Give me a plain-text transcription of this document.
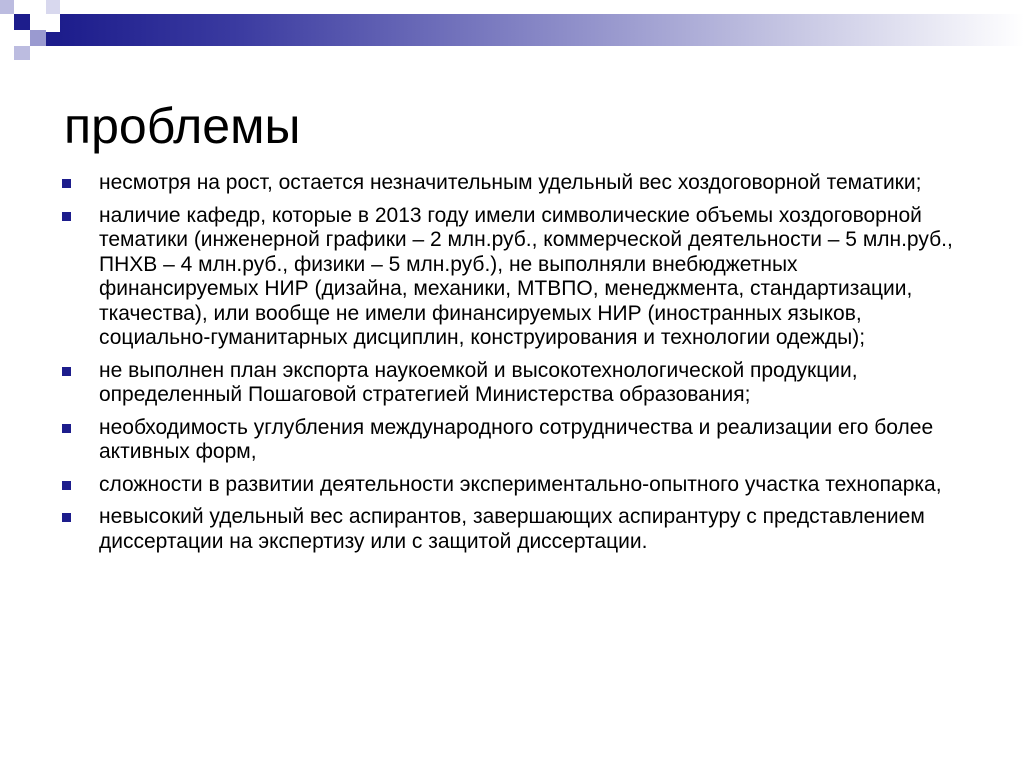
проблемы
несмотря на рост, остается незначительным удельный вес хоздоговорной тематики;
наличие кафедр, которые в 2013 году имели символические объемы хоздоговорной тематики (инженерной графики – 2 млн.руб., коммерческой деятельности – 5 млн.руб., ПНХВ – 4 млн.руб., физики – 5 млн.руб.), не выполняли внебюджетных финансируемых НИР (дизайна, механики, МТВПО, менеджмента, стандартизации, ткачества), или вообще не имели финансируемых НИР (иностранных языков, социально-гуманитарных дисциплин, конструирования и технологии одежды);
не выполнен план экспорта наукоемкой и высокотехнологической продукции, определенный Пошаговой стратегией Министерства образования;
необходимость углубления международного сотрудничества и реализации его более активных форм,
сложности в развитии деятельности экспериментально-опытного участка технопарка,
невысокий удельный вес аспирантов, завершающих аспирантуру с представлением диссертации на экспертизу или с защитой диссертации.
